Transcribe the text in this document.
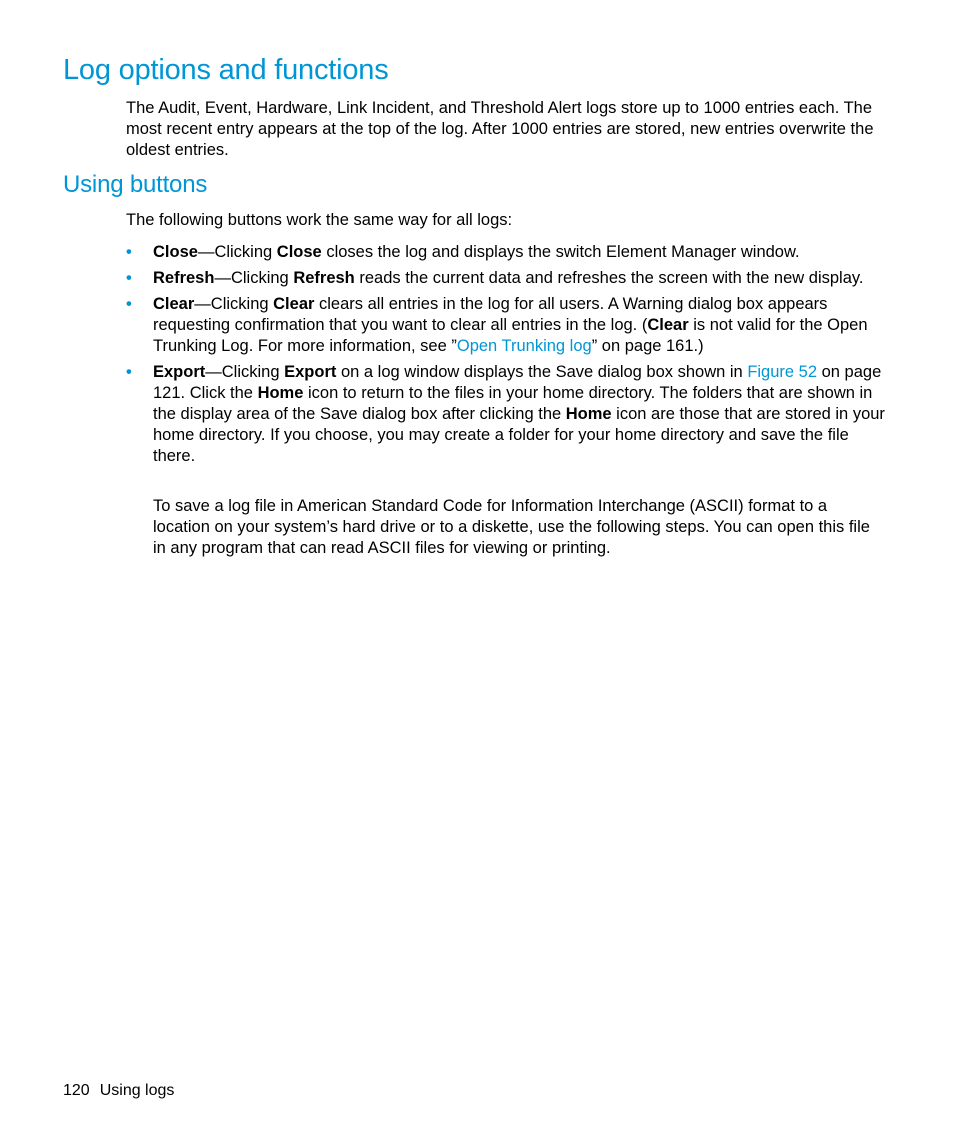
Log options and functions

The Audit, Event, Hardware, Link Incident, and Threshold Alert logs store up to 1000 entries each. The most recent entry appears at the top of the log. After 1000 entries are stored, new entries overwrite the oldest entries.

Using buttons

The following buttons work the same way for all logs:

• Close—Clicking Close closes the log and displays the switch Element Manager window.
• Refresh—Clicking Refresh reads the current data and refreshes the screen with the new display.
• Clear—Clicking Clear clears all entries in the log for all users. A Warning dialog box appears requesting confirmation that you want to clear all entries in the log. (Clear is not valid for the Open Trunking Log. For more information, see ”Open Trunking log” on page 161.)
• Export—Clicking Export on a log window displays the Save dialog box shown in Figure 52 on page 121. Click the Home icon to return to the files in your home directory. The folders that are shown in the display area of the Save dialog box after clicking the Home icon are those that are stored in your home directory. If you choose, you may create a folder for your home directory and save the file there.

To save a log file in American Standard Code for Information Interchange (ASCII) format to a location on your system’s hard drive or to a diskette, use the following steps. You can open this file in any program that can read ASCII files for viewing or printing.

120 Using logs
